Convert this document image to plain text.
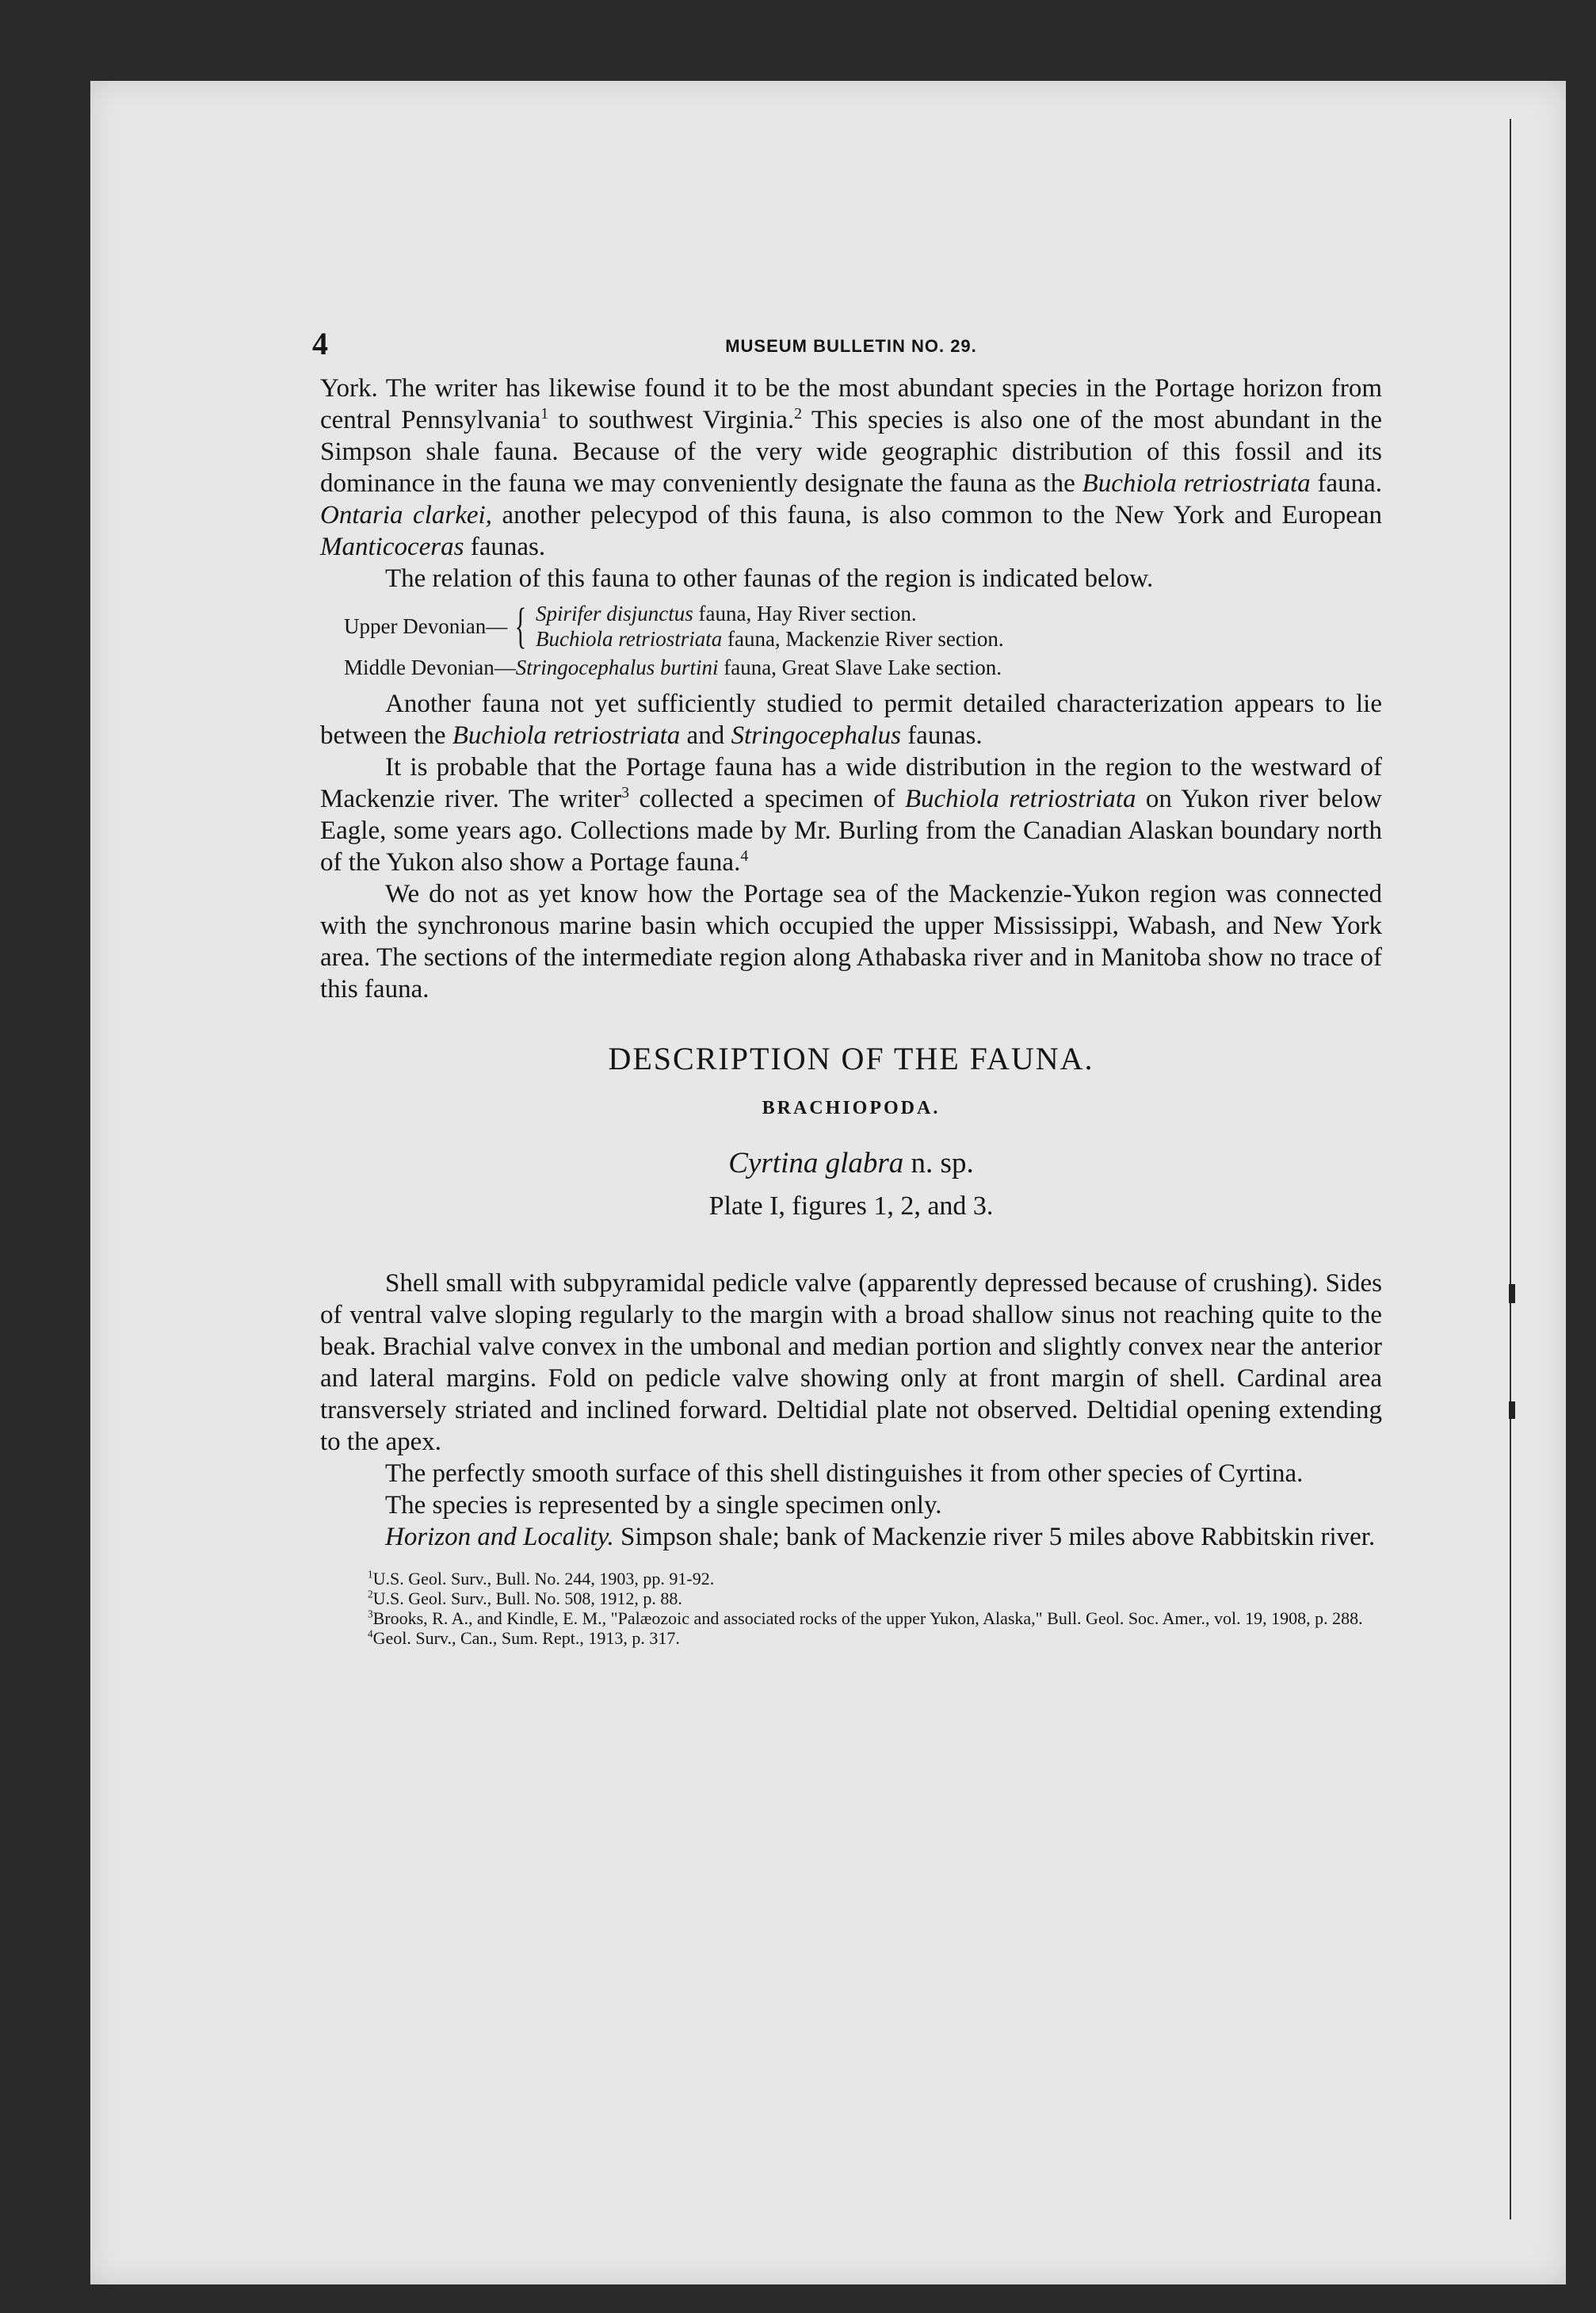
4	MUSEUM BULLETIN NO. 29.

York. The writer has likewise found it to be the most abundant species in the Portage horizon from central Pennsylvania$^1$ to southwest Virginia.$^2$ This species is also one of the most abundant in the Simpson shale fauna. Because of the very wide geographic distribution of this fossil and its dominance in the fauna we may conveniently designate the fauna as the Buchiola retriostriata fauna. Ontaria clarkei, another pelecypod of this fauna, is also common to the New York and European Manticoceras faunas.

The relation of this fauna to other faunas of the region is indicated below.

Upper Devonian— { Spirifer disjunctus fauna, Hay River section.
Buchiola retriostriata fauna, Mackenzie River section.
Middle Devonian—Stringocephalus burtini fauna, Great Slave Lake section.

Another fauna not yet sufficiently studied to permit detailed characterization appears to lie between the Buchiola retriostriata and Stringocephalus faunas.

It is probable that the Portage fauna has a wide distribution in the region to the westward of Mackenzie river. The writer$^3$ collected a specimen of Buchiola retriostriata on Yukon river below Eagle, some years ago. Collections made by Mr. Burling from the Canadian Alaskan boundary north of the Yukon also show a Portage fauna.$^4$

We do not as yet know how the Portage sea of the Mackenzie-Yukon region was connected with the synchronous marine basin which occupied the upper Mississippi, Wabash, and New York area. The sections of the intermediate region along Athabaska river and in Manitoba show no trace of this fauna.

DESCRIPTION OF THE FAUNA.
BRACHIOPODA.
Cyrtina glabra n. sp.
Plate I, figures 1, 2, and 3.

Shell small with subpyramidal pedicle valve (apparently depressed because of crushing). Sides of ventral valve sloping regularly to the margin with a broad shallow sinus not reaching quite to the beak. Brachial valve convex in the umbonal and median portion and slightly convex near the anterior and lateral margins. Fold on pedicle valve showing only at front margin of shell. Cardinal area transversely striated and inclined forward. Deltidial plate not observed. Deltidial opening extending to the apex.

The perfectly smooth surface of this shell distinguishes it from other species of Cyrtina.

The species is represented by a single specimen only.

Horizon and Locality. Simpson shale; bank of Mackenzie river 5 miles above Rabbitskin river.

$^1$U.S. Geol. Surv., Bull. No. 244, 1903, pp. 91-92.
$^2$U.S. Geol. Surv., Bull. No. 508, 1912, p. 88.
$^3$Brooks, R. A., and Kindle, E. M., "Palæozoic and associated rocks of the upper Yukon, Alaska," Bull. Geol. Soc. Amer., vol. 19, 1908, p. 288.
$^4$Geol. Surv., Can., Sum. Rept., 1913, p. 317.
